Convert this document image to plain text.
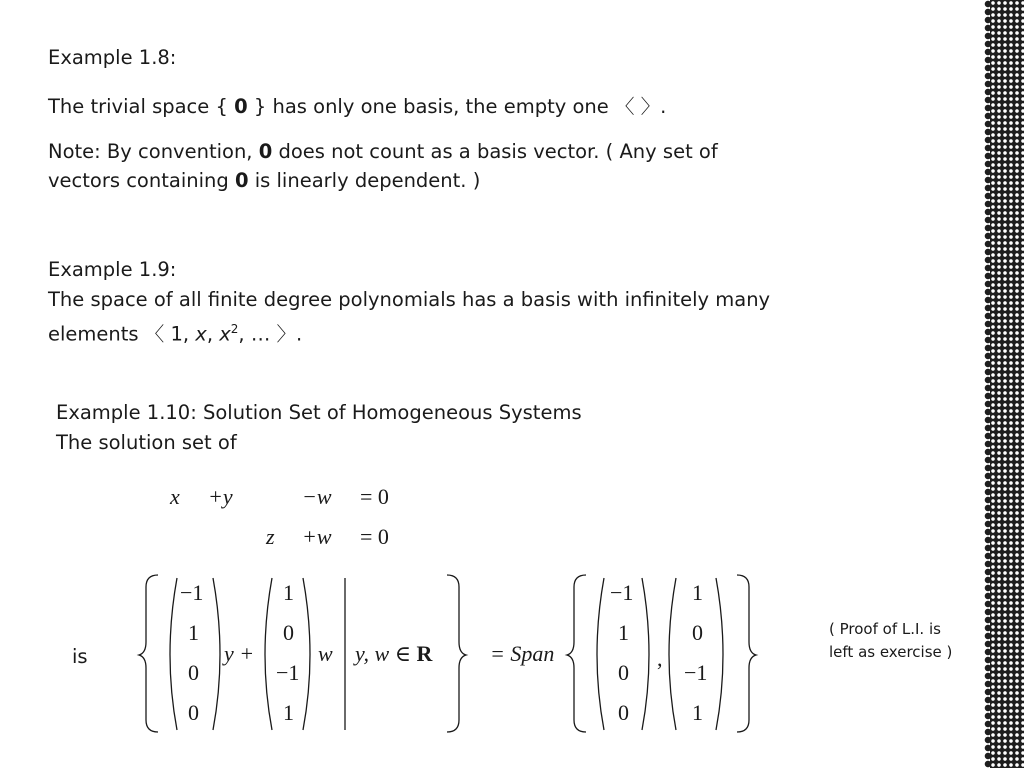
Example 1.8:

The trivial space { 0 } has only one basis, the empty one 〈 〉.

Note: By convention, 0 does not count as a basis vector. ( Any set of

vectors containing 0 is linearly dependent. )

Example 1.9:

The space of all finite degree polynomials has a basis with infinitely many

elements 〈 1, x, $x^2$, … 〉.

Example 1.10: Solution Set of Homogeneous Systems

The solution set of

x +y	−w = 0
z +w = 0

is

−1
1
0
0
y +
1
0
−1
1
w y, w ∈ R	= Span
−1
1
0
0
,
1
0
−1
1
( Proof of L.I. is
left as exercise )
